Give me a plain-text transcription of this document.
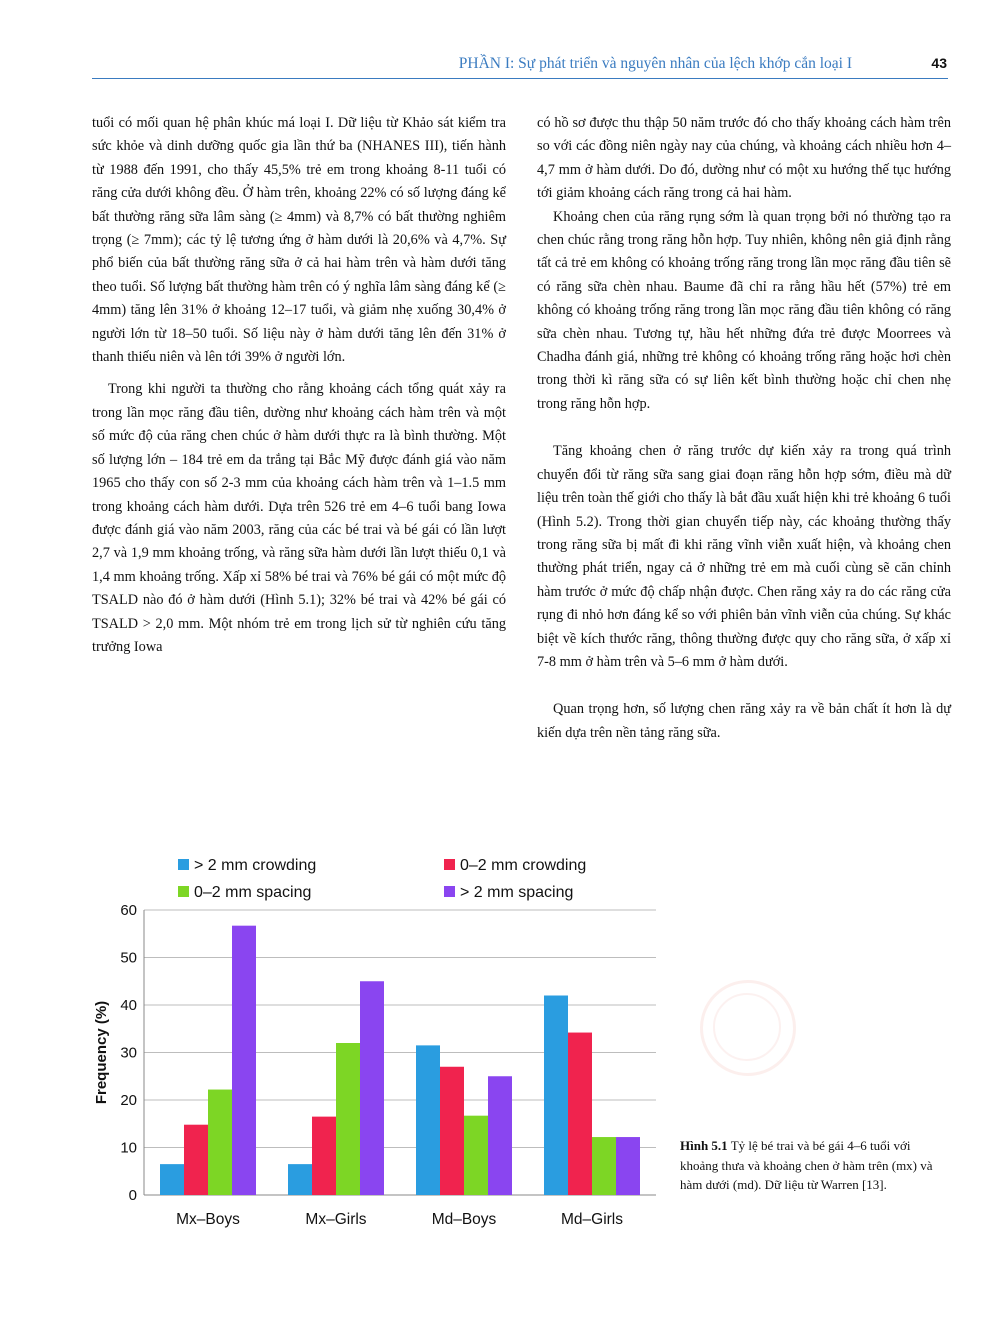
PHẦN I: Sự phát triển và nguyên nhân của lệch khớp cắn loại I	43

tuổi có mối quan hệ phân khúc má loại I. Dữ liệu từ Khảo sát kiểm tra sức khỏe và dinh dưỡng quốc gia lần thứ ba (NHANES III), tiến hành từ 1988 đến 1991, cho thấy 45,5% trẻ em trong khoảng 8-11 tuổi có răng cửa dưới không đều. Ở hàm trên, khoảng 22% có số lượng đáng kể bất thường răng sữa lâm sàng (≥ 4mm) và 8,7% có bất thường nghiêm trọng (≥ 7mm); các tỷ lệ tương ứng ở hàm dưới là 20,6% và 4,7%. Sự phổ biến của bất thường răng sữa ở cả hai hàm trên và hàm dưới tăng theo tuổi. Số lượng bất thường hàm trên có ý nghĩa lâm sàng đáng kể (≥ 4mm) tăng lên 31% ở khoảng 12–17 tuổi, và giảm nhẹ xuống 30,4% ở người lớn từ 18–50 tuổi. Số liệu này ở hàm dưới tăng lên đến 31% ở thanh thiếu niên và lên tới 39% ở người lớn.

Trong khi người ta thường cho rằng khoảng cách tổng quát xảy ra trong lần mọc răng đầu tiên, dường như khoảng cách hàm trên và một số mức độ của răng chen chúc ở hàm dưới thực ra là bình thường. Một số lượng lớn – 184 trẻ em da trắng tại Bắc Mỹ được đánh giá vào năm 1965 cho thấy con số 2-3 mm của khoảng cách hàm trên và 1–1.5 mm trong khoảng cách hàm dưới. Dựa trên 526 trẻ em 4–6 tuổi bang Iowa được đánh giá vào năm 2003, răng của các bé trai và bé gái có lần lượt 2,7 và 1,9 mm khoảng trống, và răng sữa hàm dưới lần lượt thiếu 0,1 và 1,4 mm khoảng trống. Xấp xỉ 58% bé trai và 76% bé gái có một mức độ TSALD nào đó ở hàm dưới (Hình 5.1); 32% bé trai và 42% bé gái có TSALD > 2,0 mm. Một nhóm trẻ em trong lịch sử từ nghiên cứu tăng trưởng Iowa

có hồ sơ được thu thập 50 năm trước đó cho thấy khoảng cách hàm trên so với các đồng niên ngày nay của chúng, và khoảng cách nhiều hơn 4–4,7 mm ở hàm dưới. Do đó, dường như có một xu hướng thế tục hướng tới giảm khoảng cách răng trong cả hai hàm.

Khoảng chen của răng rụng sớm là quan trọng bởi nó thường tạo ra chen chúc rằng trong răng hỗn hợp. Tuy nhiên, không nên giả định rằng tất cả trẻ em không có khoảng trống răng trong lần mọc răng đầu tiên sẽ có răng sữa chèn nhau. Baume đã chỉ ra rằng hầu hết (57%) trẻ em không có khoảng trống răng trong lần mọc răng đầu tiên không có răng sữa chèn nhau. Tương tự, hầu hết những đứa trẻ được Moorrees và Chadha đánh giá, những trẻ không có khoảng trống răng hoặc hơi chèn trong thời kì răng sữa có sự liên kết bình thường hoặc chỉ chen nhẹ trong răng hỗn hợp.

Tăng khoảng chen ở răng trước dự kiến xảy ra trong quá trình chuyển đổi từ răng sữa sang giai đoạn răng hỗn hợp sớm, điều mà dữ liệu trên toàn thế giới cho thấy là bắt đầu xuất hiện khi trẻ khoảng 6 tuổi (Hình 5.2). Trong thời gian chuyển tiếp này, các khoảng thường thấy trong răng sữa bị mất đi khi răng vĩnh viễn xuất hiện, và khoảng chen thường phát triển, ngay cả ở những trẻ em mà cuối cùng sẽ căn chỉnh hàm trước ở mức độ chấp nhận được. Chen răng xảy ra do các răng cửa rụng đi nhỏ hơn đáng kể so với phiên bản vĩnh viễn của chúng. Sự khác biệt về kích thước răng, thông thường được quy cho răng sữa, ở xấp xỉ 7-8 mm ở hàm trên và 5–6 mm ở hàm dưới.

Quan trọng hơn, số lượng chen răng xảy ra về bản chất ít hơn là dự kiến dựa trên nền tảng răng sữa.

0
10
20
30
40
50
60
Frequency (%)
Mx–Boys	Mx–Girls	Md–Boys	Md–Girls
> 2 mm crowding	0–2 mm crowding
0–2 mm spacing	> 2 mm spacing
Hình 5.1 Tỷ lệ bé trai và bé gái 4–6 tuổi với khoảng thưa và khoảng chen ở hàm trên (mx) và hàm dưới (md). Dữ liệu từ Warren [13].
